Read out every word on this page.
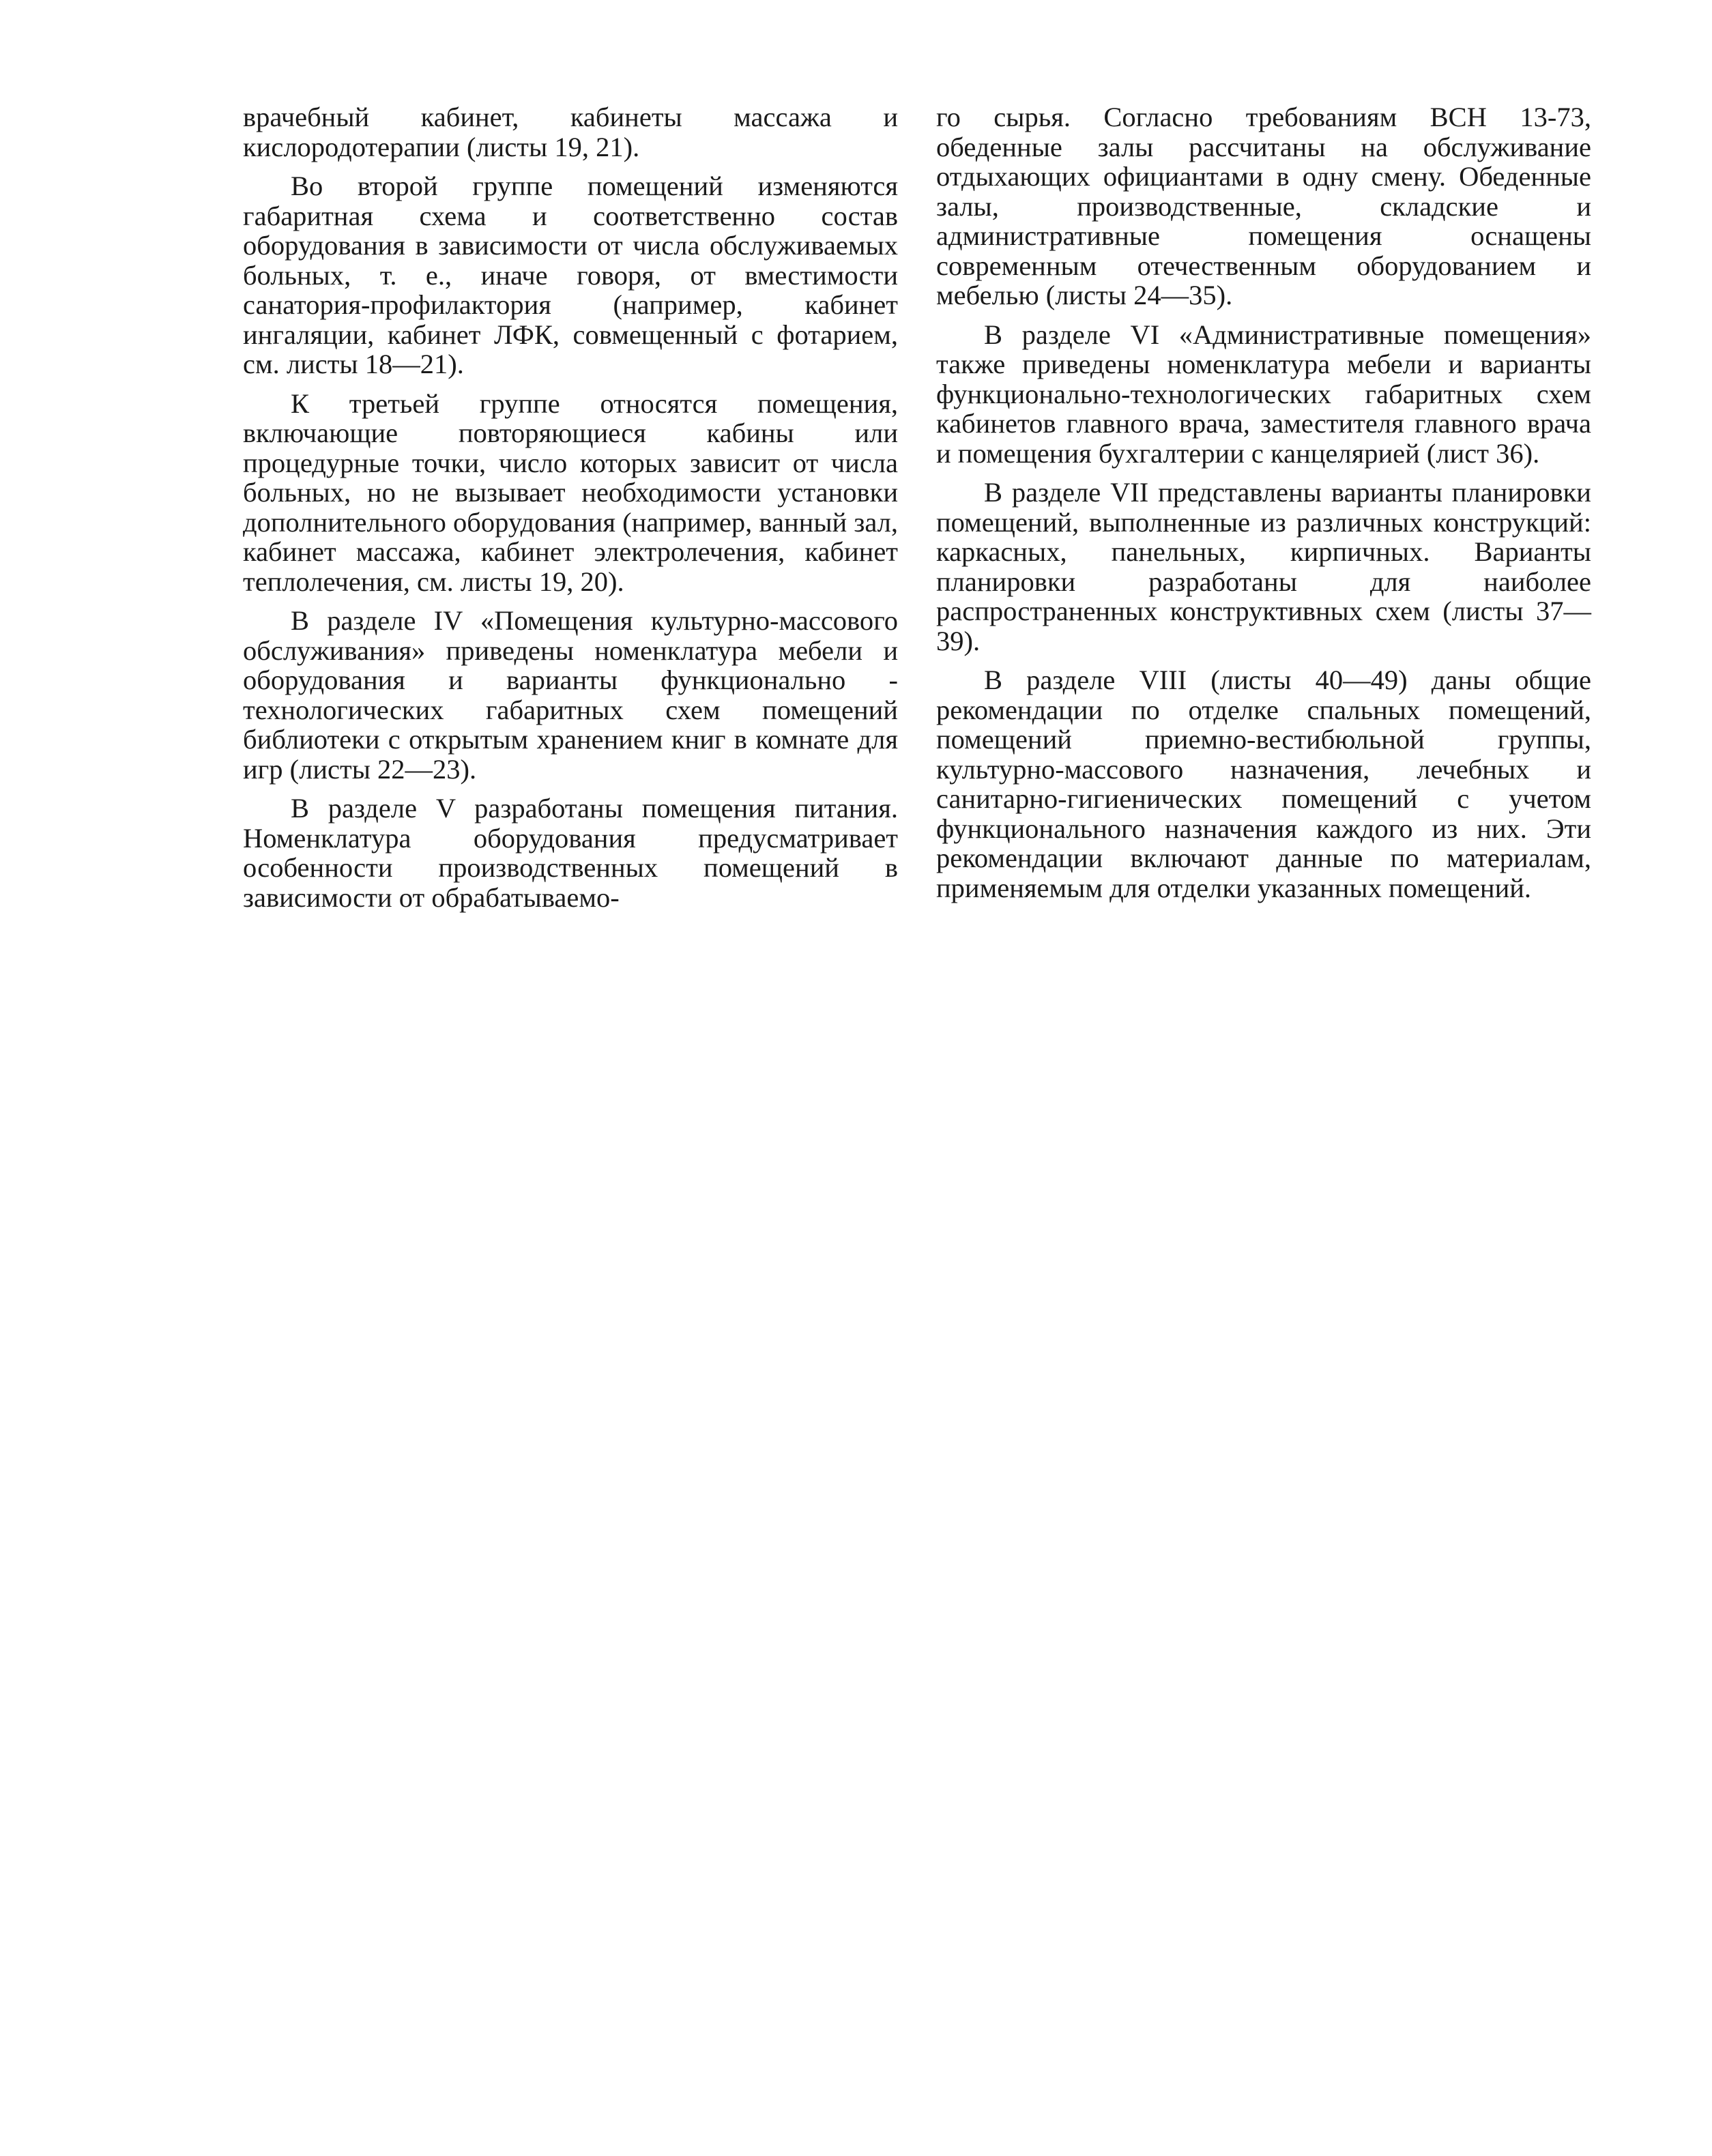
врачебный кабинет, кабинеты массажа и кислородотерапии (листы 19, 21).

Во второй группе помещений изменяются габаритная схема и соответственно состав оборудования в зависимости от числа обслуживаемых больных, т. е., иначе говоря, от вместимости санатория-профилактория (например, кабинет ингаляции, кабинет ЛФК, совмещенный с фотарием, см. листы 18—21).

К третьей группе относятся помещения, включающие повторяющиеся кабины или процедурные точки, число которых зависит от числа больных, но не вызывает необходимости установки дополнительного оборудования (например, ванный зал, кабинет массажа, кабинет электролечения, кабинет теплолечения, см. листы 19, 20).

В разделе IV «Помещения культурно-массового обслуживания» приведены номенклатура мебели и оборудования и варианты функционально - технологических габаритных схем помещений библиотеки с открытым хранением книг в комнате для игр (листы 22—23).

В разделе V разработаны помещения питания. Номенклатура оборудования предусматривает особенности производственных помещений в зависимости от обрабатываемо-

го сырья. Согласно требованиям ВСН 13-73, обеденные залы рассчитаны на обслуживание отдыхающих официантами в одну смену. Обеденные залы, производственные, складские и административные помещения оснащены современным отечественным оборудованием и мебелью (листы 24—35).

В разделе VI «Административные помещения» также приведены номенклатура мебели и варианты функционально-технологических габаритных схем кабинетов главного врача, заместителя главного врача и помещения бухгалтерии с канцелярией (лист 36).

В разделе VII представлены варианты планировки помещений, выполненные из различных конструкций: каркасных, панельных, кирпичных. Варианты планировки разработаны для наиболее распространенных конструктивных схем (листы 37—39).

В разделе VIII (листы 40—49) даны общие рекомендации по отделке спальных помещений, помещений приемно-вестибюльной группы, культурно-массового назначения, лечебных и санитарно-гигиенических помещений с учетом функционального назначения каждого из них. Эти рекомендации включают данные по материалам, применяемым для отделки указанных помещений.
